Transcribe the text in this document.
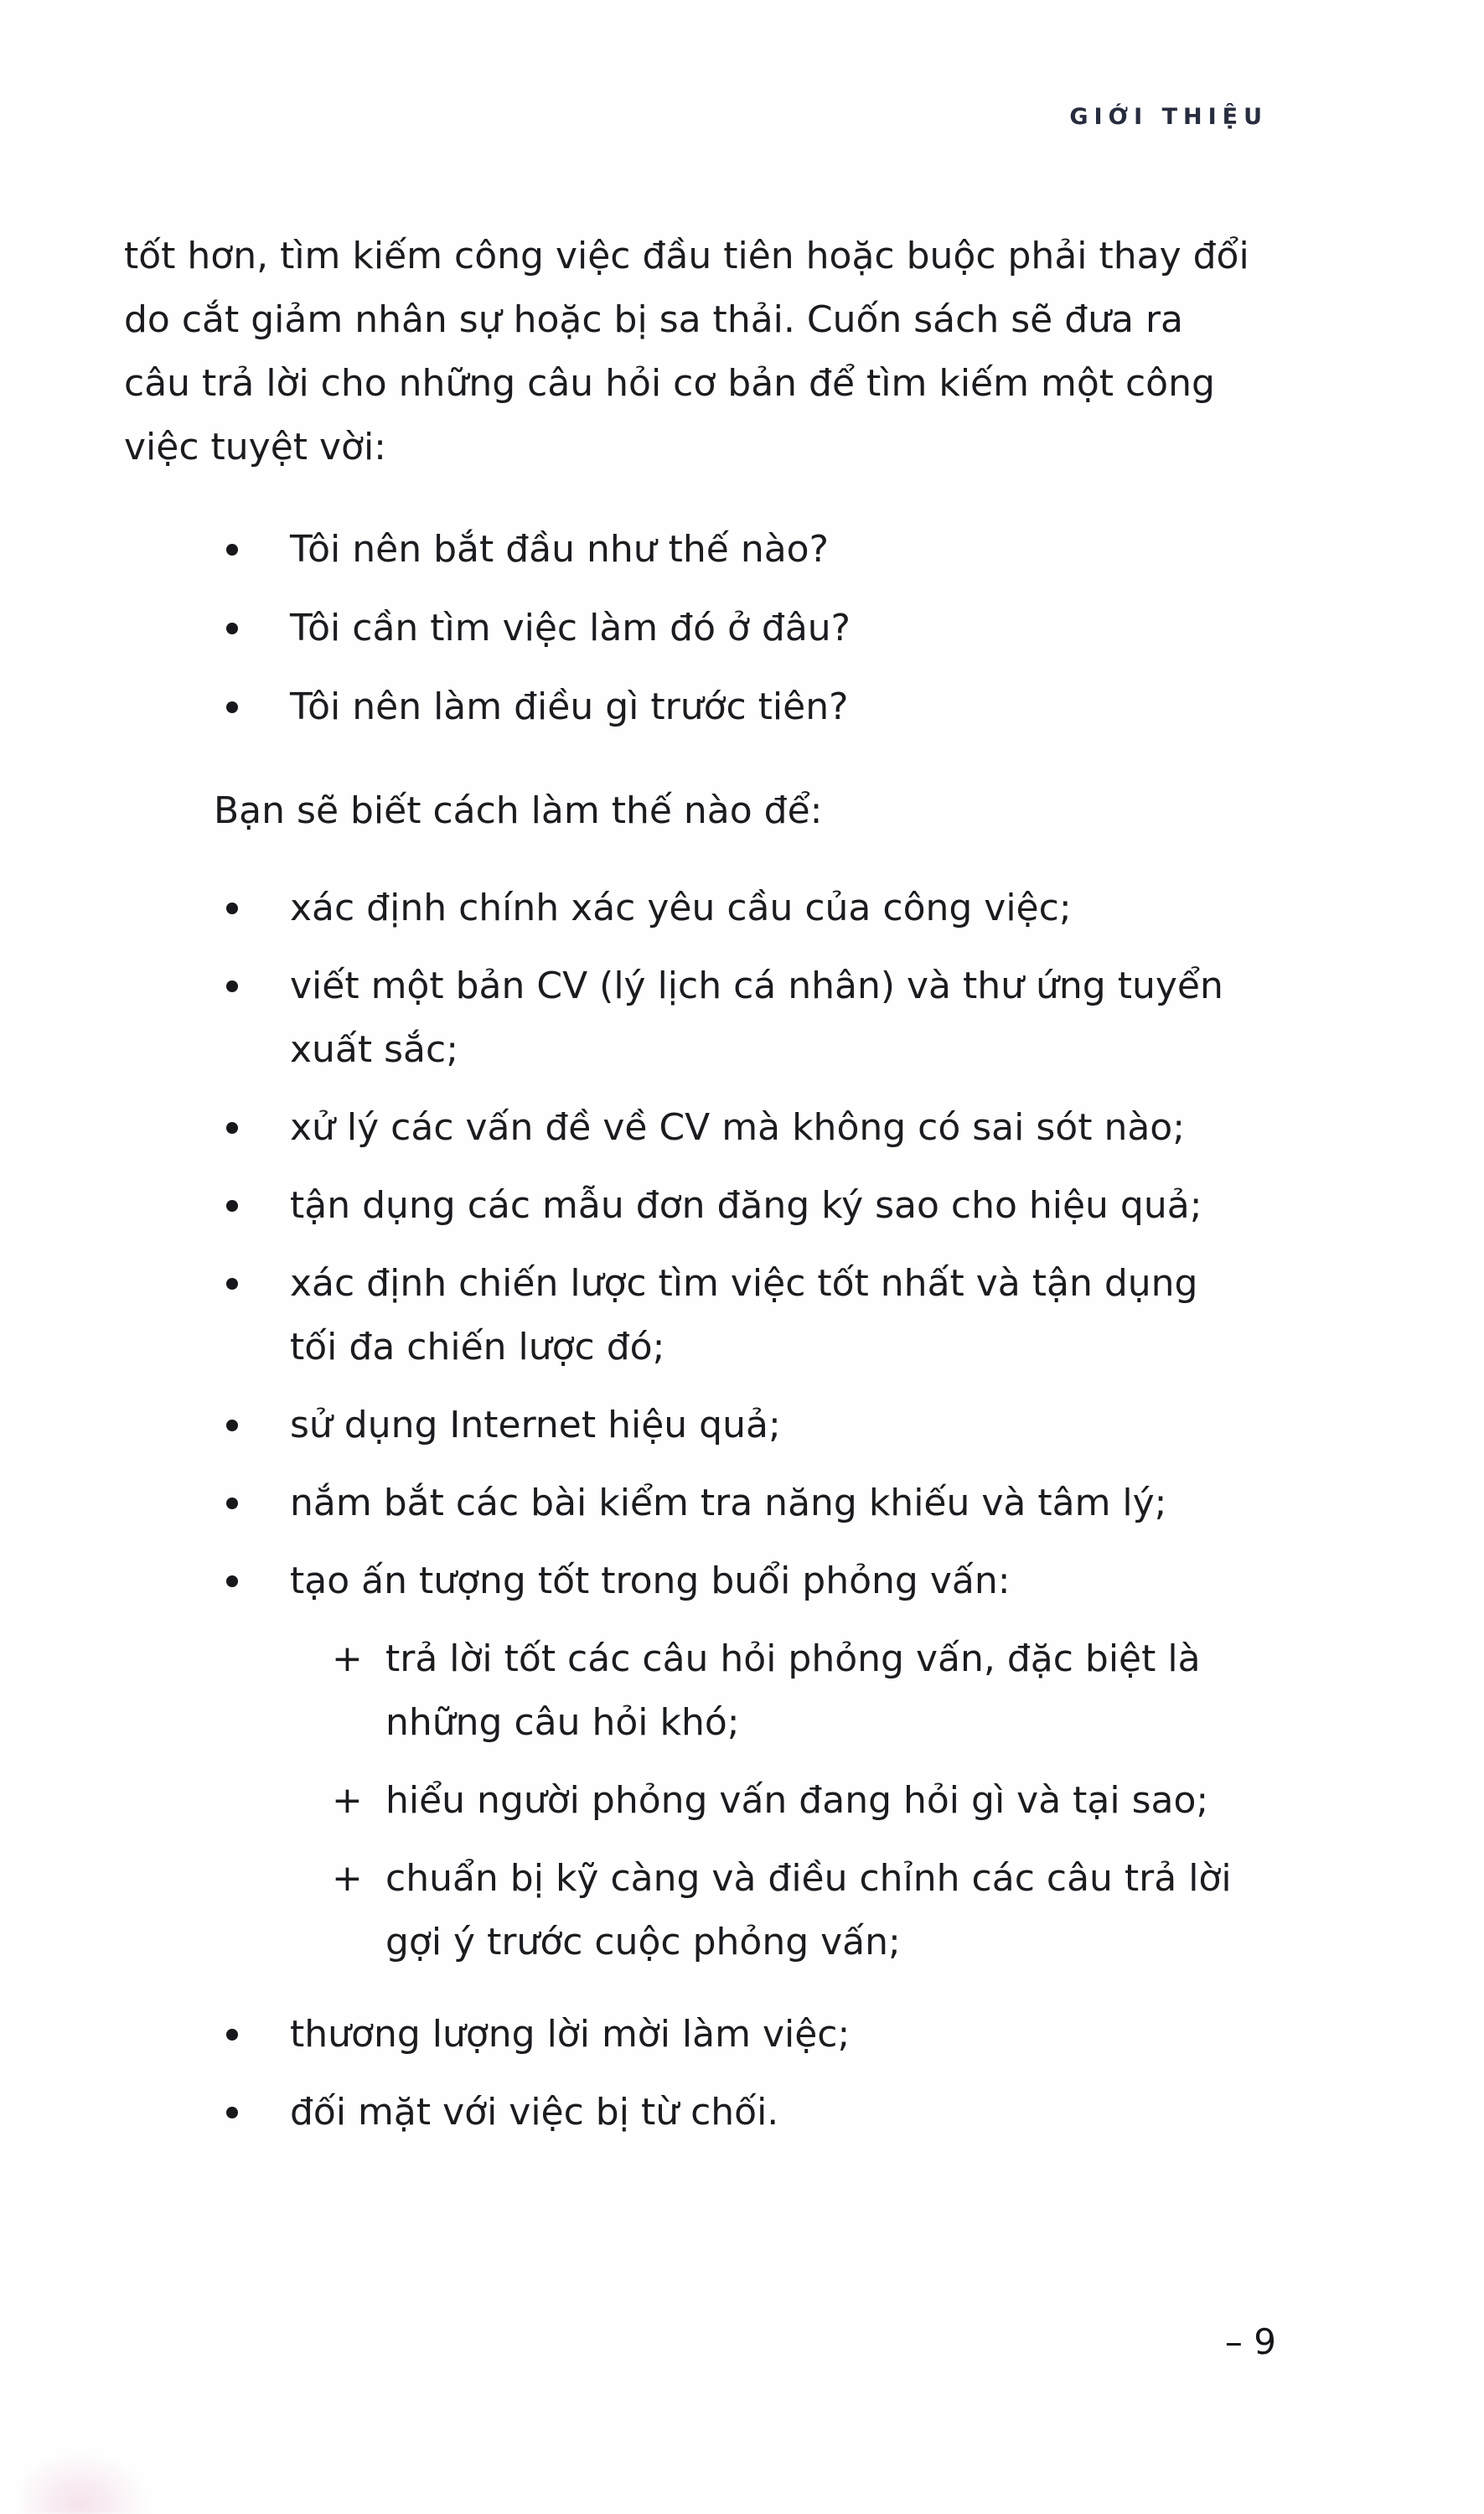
GIỚI THIỆU

tốt hơn, tìm kiếm công việc đầu tiên hoặc buộc phải thay đổi do cắt giảm nhân sự hoặc bị sa thải. Cuốn sách sẽ đưa ra câu trả lời cho những câu hỏi cơ bản để tìm kiếm một công việc tuyệt vời:

Tôi nên bắt đầu như thế nào?
Tôi cần tìm việc làm đó ở đâu?
Tôi nên làm điều gì trước tiên?

Bạn sẽ biết cách làm thế nào để:

xác định chính xác yêu cầu của công việc;
viết một bản CV (lý lịch cá nhân) và thư ứng tuyển xuất sắc;
xử lý các vấn đề về CV mà không có sai sót nào;
tận dụng các mẫu đơn đăng ký sao cho hiệu quả;
xác định chiến lược tìm việc tốt nhất và tận dụng tối đa chiến lược đó;
sử dụng Internet hiệu quả;
nắm bắt các bài kiểm tra năng khiếu và tâm lý;
tạo ấn tượng tốt trong buổi phỏng vấn:
+ trả lời tốt các câu hỏi phỏng vấn, đặc biệt là những câu hỏi khó;
+ hiểu người phỏng vấn đang hỏi gì và tại sao;
+ chuẩn bị kỹ càng và điều chỉnh các câu trả lời gợi ý trước cuộc phỏng vấn;
thương lượng lời mời làm việc;
đối mặt với việc bị từ chối.
– 9
